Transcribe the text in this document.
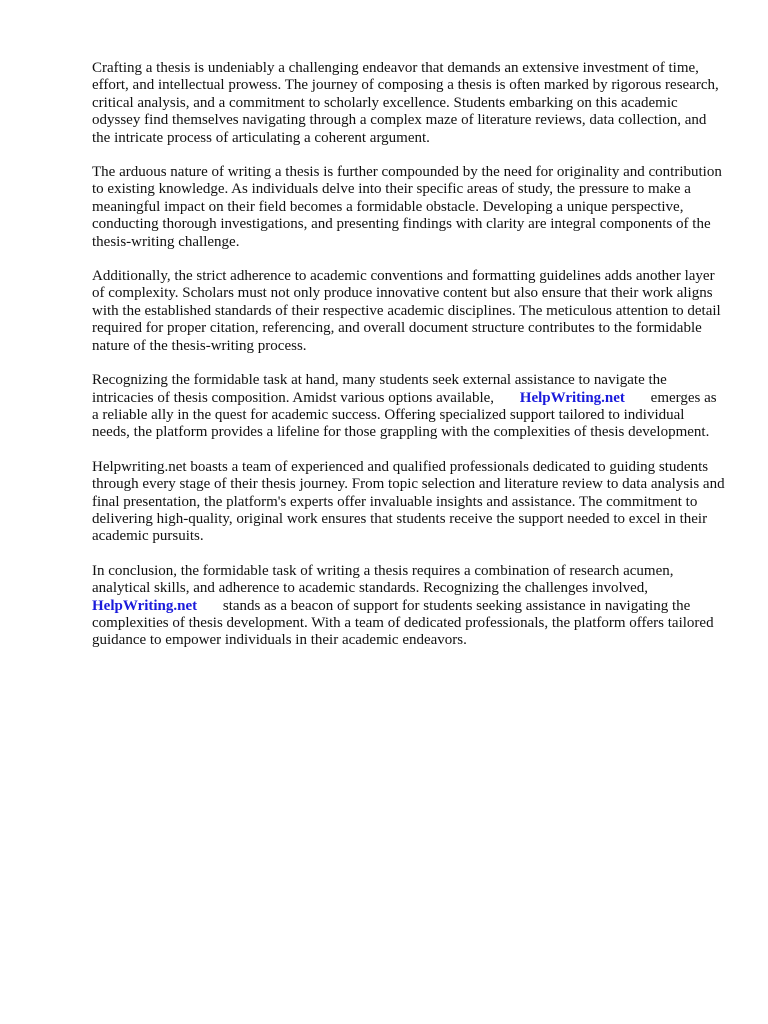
Crafting a thesis is undeniably a challenging endeavor that demands an extensive investment of time, effort, and intellectual prowess. The journey of composing a thesis is often marked by rigorous research, critical analysis, and a commitment to scholarly excellence. Students embarking on this academic odyssey find themselves navigating through a complex maze of literature reviews, data collection, and the intricate process of articulating a coherent argument.

The arduous nature of writing a thesis is further compounded by the need for originality and contribution to existing knowledge. As individuals delve into their specific areas of study, the pressure to make a meaningful impact on their field becomes a formidable obstacle. Developing a unique perspective, conducting thorough investigations, and presenting findings with clarity are integral components of the thesis-writing challenge.

Additionally, the strict adherence to academic conventions and formatting guidelines adds another layer of complexity. Scholars must not only produce innovative content but also ensure that their work aligns with the established standards of their respective academic disciplines. The meticulous attention to detail required for proper citation, referencing, and overall document structure contributes to the formidable nature of the thesis-writing process.

Recognizing the formidable task at hand, many students seek external assistance to navigate the intricacies of thesis composition. Amidst various options available, HelpWriting.net emerges as a reliable ally in the quest for academic success. Offering specialized support tailored to individual needs, the platform provides a lifeline for those grappling with the complexities of thesis development.

Helpwriting.net boasts a team of experienced and qualified professionals dedicated to guiding students through every stage of their thesis journey. From topic selection and literature review to data analysis and final presentation, the platform's experts offer invaluable insights and assistance. The commitment to delivering high-quality, original work ensures that students receive the support needed to excel in their academic pursuits.

In conclusion, the formidable task of writing a thesis requires a combination of research acumen, analytical skills, and adherence to academic standards. Recognizing the challenges involved, HelpWriting.net stands as a beacon of support for students seeking assistance in navigating the complexities of thesis development. With a team of dedicated professionals, the platform offers tailored guidance to empower individuals in their academic endeavors.
